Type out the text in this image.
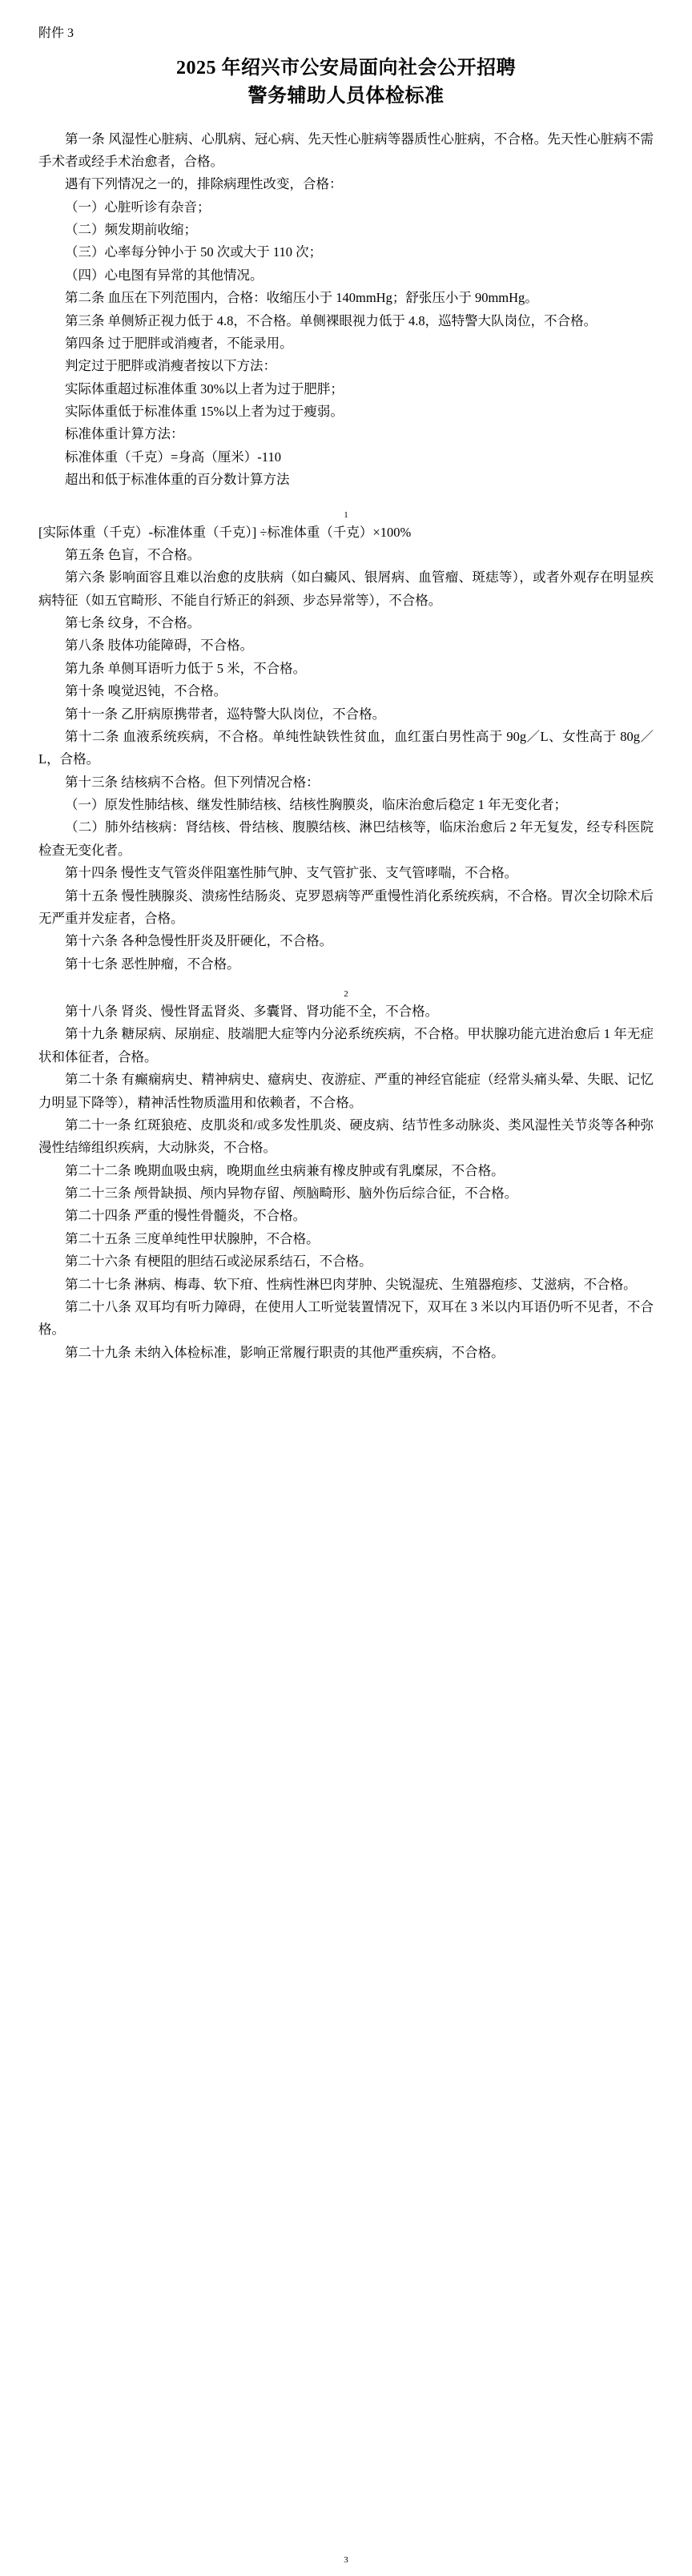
附件 3
2025 年绍兴市公安局面向社会公开招聘
警务辅助人员体检标准

第一条 风湿性心脏病、心肌病、冠心病、先天性心脏病等器质性心脏病，不合格。先天性心脏病不需手术者或经手术治愈者，合格。

遇有下列情况之一的，排除病理性改变，合格：

（一）心脏听诊有杂音；

（二）频发期前收缩；

（三）心率每分钟小于 50 次或大于 110 次；

（四）心电图有异常的其他情况。

第二条 血压在下列范围内，合格：收缩压小于 140mmHg；舒张压小于 90mmHg。

第三条 单侧矫正视力低于 4.8，不合格。单侧裸眼视力低于 4.8，巡特警大队岗位，不合格。

第四条 过于肥胖或消瘦者，不能录用。

判定过于肥胖或消瘦者按以下方法：

实际体重超过标准体重 30%以上者为过于肥胖；

实际体重低于标准体重 15%以上者为过于瘦弱。

标准体重计算方法：

标准体重（千克）=身高（厘米）-110

超出和低于标准体重的百分数计算方法

1

[实际体重（千克）-标准体重（千克）] ÷标准体重（千克）×100%

第五条 色盲，不合格。

第六条 影响面容且难以治愈的皮肤病（如白癜风、银屑病、血管瘤、斑痣等），或者外观存在明显疾病特征（如五官畸形、不能自行矫正的斜颈、步态异常等），不合格。

第七条 纹身，不合格。

第八条 肢体功能障碍，不合格。

第九条 单侧耳语听力低于 5 米，不合格。

第十条 嗅觉迟钝，不合格。

第十一条 乙肝病原携带者，巡特警大队岗位，不合格。

第十二条 血液系统疾病，不合格。单纯性缺铁性贫血，血红蛋白男性高于 90g／L、女性高于 80g／L，合格。

第十三条 结核病不合格。但下列情况合格：

（一）原发性肺结核、继发性肺结核、结核性胸膜炎，临床治愈后稳定 1 年无变化者；

（二）肺外结核病：肾结核、骨结核、腹膜结核、淋巴结核等，临床治愈后 2 年无复发，经专科医院检查无变化者。

第十四条 慢性支气管炎伴阻塞性肺气肿、支气管扩张、支气管哮喘，不合格。

第十五条 慢性胰腺炎、溃疡性结肠炎、克罗恩病等严重慢性消化系统疾病，不合格。胃次全切除术后无严重并发症者，合格。

第十六条 各种急慢性肝炎及肝硬化，不合格。

第十七条 恶性肿瘤，不合格。

2

第十八条 肾炎、慢性肾盂肾炎、多囊肾、肾功能不全，不合格。

第十九条 糖尿病、尿崩症、肢端肥大症等内分泌系统疾病，不合格。甲状腺功能亢进治愈后 1 年无症状和体征者，合格。

第二十条 有癫痫病史、精神病史、癔病史、夜游症、严重的神经官能症（经常头痛头晕、失眠、记忆力明显下降等），精神活性物质滥用和依赖者，不合格。

第二十一条 红斑狼疮、皮肌炎和/或多发性肌炎、硬皮病、结节性多动脉炎、类风湿性关节炎等各种弥漫性结缔组织疾病，大动脉炎，不合格。

第二十二条 晚期血吸虫病，晚期血丝虫病兼有橡皮肿或有乳糜尿，不合格。

第二十三条 颅骨缺损、颅内异物存留、颅脑畸形、脑外伤后综合征，不合格。

第二十四条 严重的慢性骨髓炎，不合格。

第二十五条 三度单纯性甲状腺肿，不合格。

第二十六条 有梗阻的胆结石或泌尿系结石，不合格。

第二十七条 淋病、梅毒、软下疳、性病性淋巴肉芽肿、尖锐湿疣、生殖器疱疹、艾滋病，不合格。

第二十八条 双耳均有听力障碍，在使用人工听觉装置情况下，双耳在 3 米以内耳语仍听不见者，不合格。

第二十九条 未纳入体检标准，影响正常履行职责的其他严重疾病，不合格。

3
